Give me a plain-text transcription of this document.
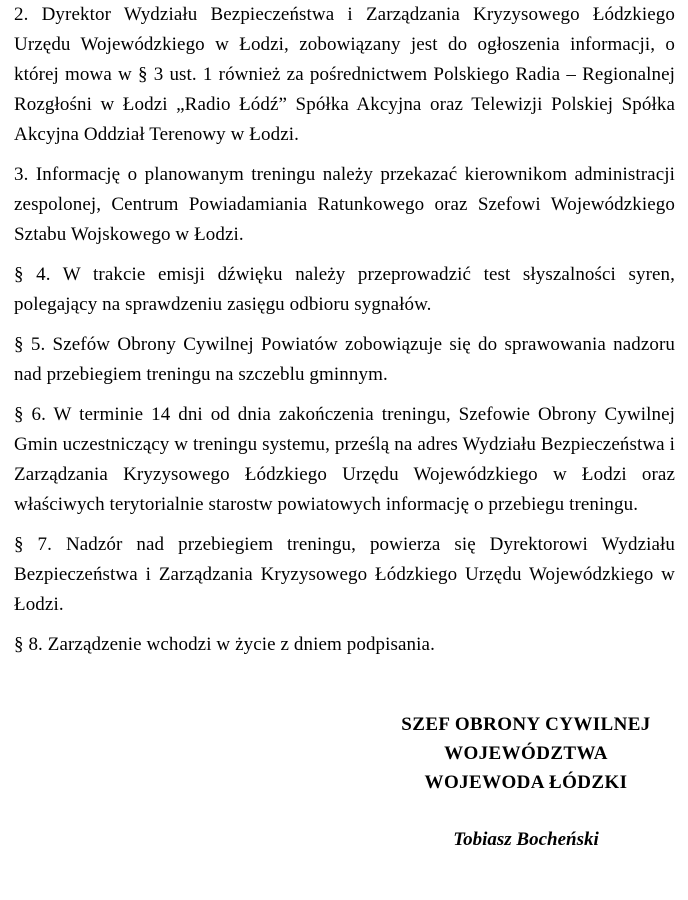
2. Dyrektor Wydziału Bezpieczeństwa i Zarządzania Kryzysowego Łódzkiego Urzędu Wojewódzkiego w Łodzi, zobowiązany jest do ogłoszenia informacji, o której mowa w § 3 ust. 1 również za pośrednictwem Polskiego Radia – Regionalnej Rozgłośni w Łodzi „Radio Łódź” Spółka Akcyjna oraz Telewizji Polskiej Spółka Akcyjna Oddział Terenowy w Łodzi.

3. Informację o planowanym treningu należy przekazać kierownikom administracji zespolonej, Centrum Powiadamiania Ratunkowego oraz Szefowi Wojewódzkiego Sztabu Wojskowego w Łodzi.

§ 4. W trakcie emisji dźwięku należy przeprowadzić test słyszalności syren, polegający na sprawdzeniu zasięgu odbioru sygnałów.

§ 5. Szefów Obrony Cywilnej Powiatów zobowiązuje się do sprawowania nadzoru nad przebiegiem treningu na szczeblu gminnym.

§ 6. W terminie 14 dni od dnia zakończenia treningu, Szefowie Obrony Cywilnej Gmin uczestniczący w treningu systemu, prześlą na adres Wydziału Bezpieczeństwa i Zarządzania Kryzysowego Łódzkiego Urzędu Wojewódzkiego w Łodzi oraz właściwych terytorialnie starostw powiatowych informację o przebiegu treningu.

§ 7. Nadzór nad przebiegiem treningu, powierza się Dyrektorowi Wydziału Bezpieczeństwa i Zarządzania Kryzysowego Łódzkiego Urzędu Wojewódzkiego w Łodzi.

§ 8. Zarządzenie wchodzi w życie z dniem podpisania.

SZEF OBRONY CYWILNEJ
WOJEWÓDZTWA
WOJEWODA ŁÓDZKI
Tobiasz Bocheński
